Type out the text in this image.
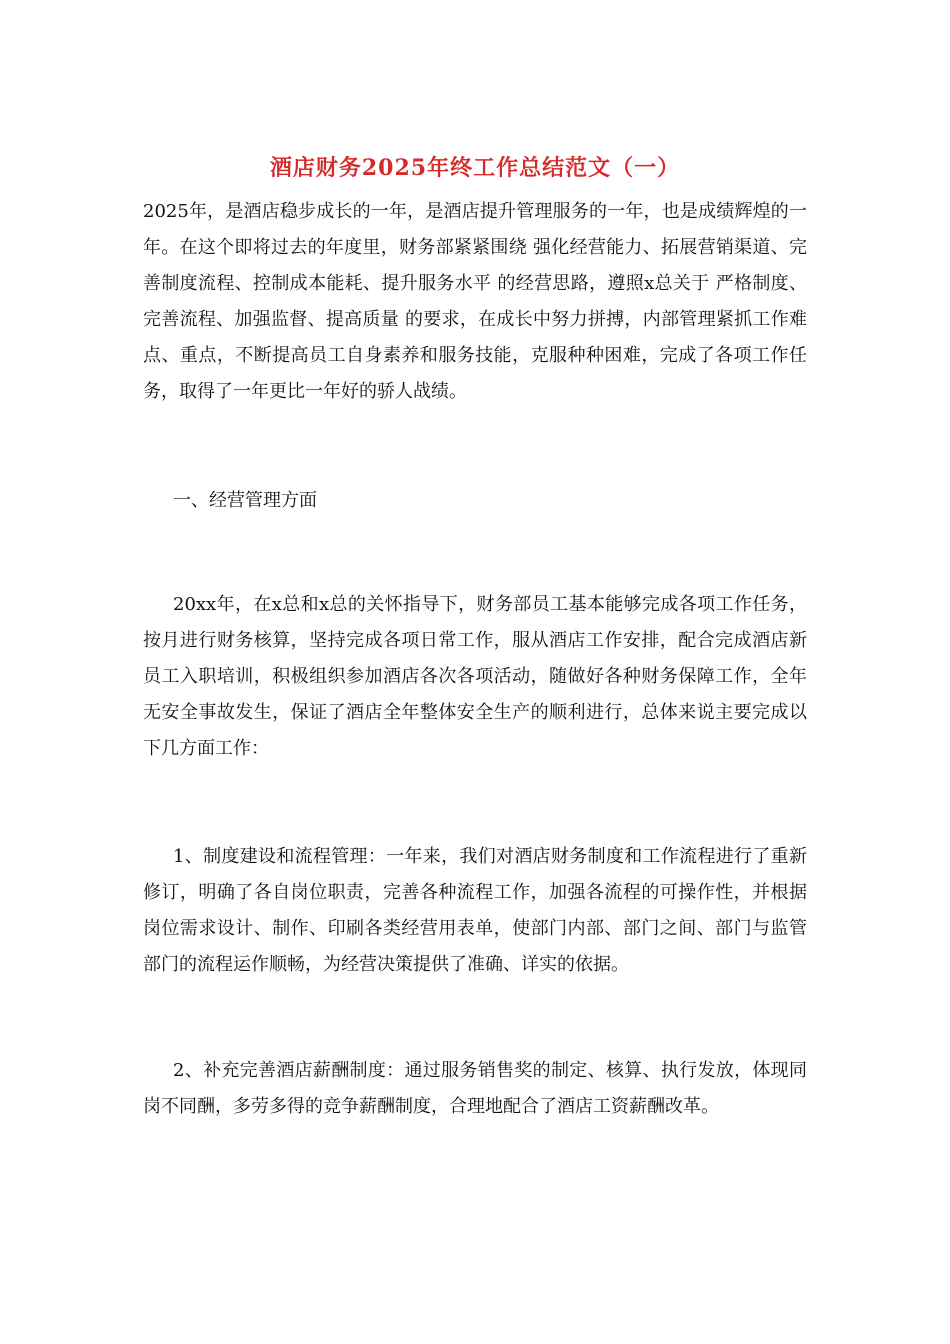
酒店财务2025年终工作总结范文（一）

2025年，是酒店稳步成长的一年，是酒店提升管理服务的一年，也是成绩辉煌的一年。在这个即将过去的年度里，财务部紧紧围绕 强化经营能力、拓展营销渠道、完善制度流程、控制成本能耗、提升服务水平 的经营思路，遵照x总关于 严格制度、完善流程、加强监督、提高质量 的要求，在成长中努力拼搏，内部管理紧抓工作难点、重点，不断提高员工自身素养和服务技能，克服种种困难，完成了各项工作任务，取得了一年更比一年好的骄人战绩。

一、经营管理方面

20xx年，在x总和x总的关怀指导下，财务部员工基本能够完成各项工作任务，按月进行财务核算，坚持完成各项日常工作，服从酒店工作安排，配合完成酒店新员工入职培训，积极组织参加酒店各次各项活动，随做好各种财务保障工作，全年无安全事故发生，保证了酒店全年整体安全生产的顺利进行，总体来说主要完成以下几方面工作：

1、制度建设和流程管理：一年来，我们对酒店财务制度和工作流程进行了重新修订，明确了各自岗位职责，完善各种流程工作，加强各流程的可操作性，并根据岗位需求设计、制作、印刷各类经营用表单，使部门内部、部门之间、部门与监管部门的流程运作顺畅，为经营决策提供了准确、详实的依据。

2、补充完善酒店薪酬制度：通过服务销售奖的制定、核算、执行发放，体现同岗不同酬，多劳多得的竞争薪酬制度，合理地配合了酒店工资薪酬改革。
